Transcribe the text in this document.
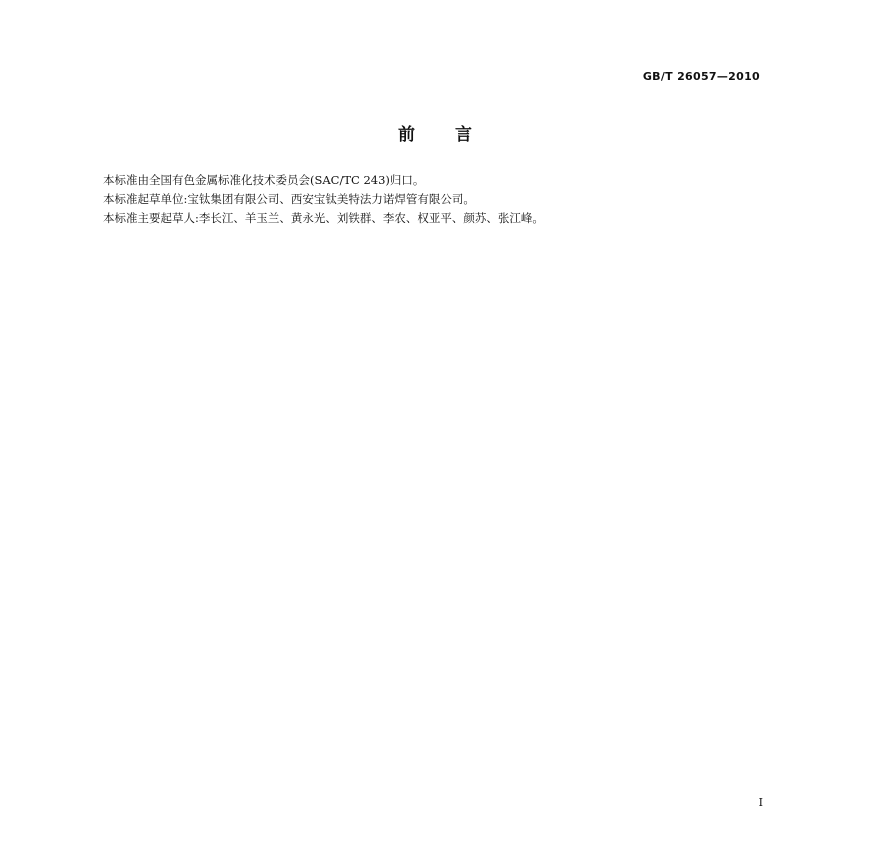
GB/T 26057—2010
前言

本标准由全国有色金属标准化技术委员会(SAC/TC 243)归口。

本标准起草单位:宝钛集团有限公司、西安宝钛美特法力诺焊管有限公司。

本标准主要起草人:李长江、羊玉兰、黄永光、刘铁群、李农、权亚平、颜苏、张江峰。

I
